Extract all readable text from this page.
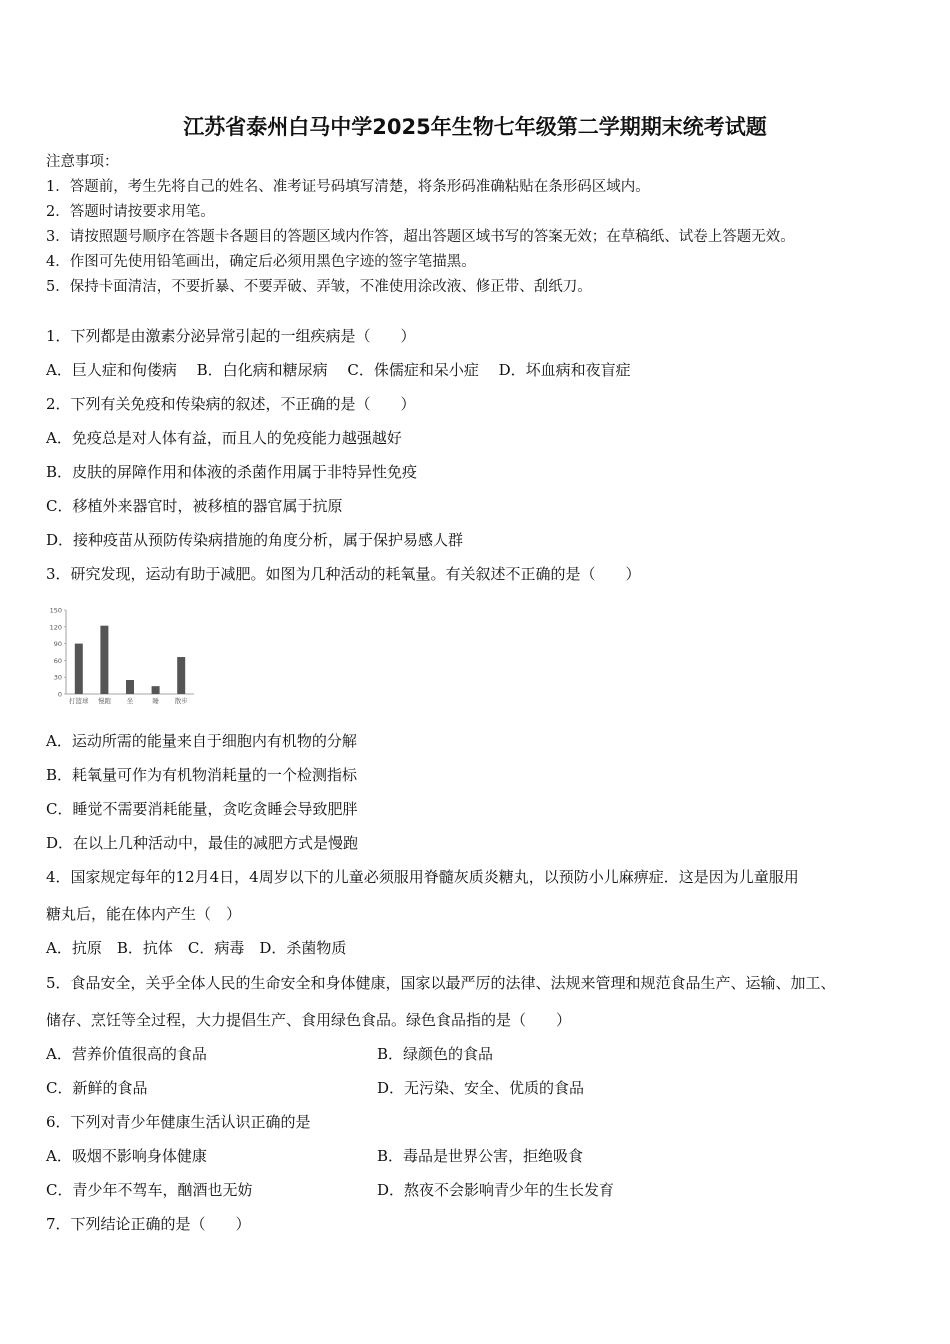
江苏省泰州白马中学2025年生物七年级第二学期期末统考试题
注意事项：
1．答题前，考生先将自己的姓名、准考证号码填写清楚，将条形码准确粘贴在条形码区域内。
2．答题时请按要求用笔。
3．请按照题号顺序在答题卡各题目的答题区域内作答，超出答题区域书写的答案无效；在草稿纸、试卷上答题无效。
4．作图可先使用铅笔画出，确定后必须用黑色字迹的签字笔描黑。
5．保持卡面清洁，不要折暴、不要弄破、弄皱，不准使用涂改液、修正带、刮纸刀。
1．下列都是由激素分泌异常引起的一组疾病是（　　）
A．巨人症和佝偻病　 B．白化病和糖尿病　 C．侏儒症和呆小症　 D．坏血病和夜盲症
2．下列有关免疫和传染病的叙述，不正确的是（　　）
A．免疫总是对人体有益，而且人的免疫能力越强越好
B．皮肤的屏障作用和体液的杀菌作用属于非特异性免疫
C．移植外来器官时，被移植的器官属于抗原
D．接种疫苗从预防传染病措施的角度分析，属于保护易感人群
3．研究发现，运动有助于减肥。如图为几种活动的耗氧量。有关叙述不正确的是（　　）
0
30
60
90
120
150
打篮球 慢跑 坐	睡 散步
A．运动所需的能量来自于细胞内有机物的分解
B．耗氧量可作为有机物消耗量的一个检测指标
C．睡觉不需要消耗能量，贪吃贪睡会导致肥胖
D．在以上几种活动中，最佳的减肥方式是慢跑
4．国家规定每年的12月4日，4周岁以下的儿童必须服用脊髓灰质炎糖丸，以预防小儿麻痹症．这是因为儿童服用
糖丸后，能在体内产生（　）
A．抗原　B．抗体　C．病毒　D．杀菌物质
5．食品安全，关乎全体人民的生命安全和身体健康，国家以最严厉的法律、法规来管理和规范食品生产、运输、加工、
储存、烹饪等全过程，大力提倡生产、食用绿色食品。绿色食品指的是（　　）
A．营养价值很高的食品	B．绿颜色的食品
C．新鲜的食品	D．无污染、安全、优质的食品
6．下列对青少年健康生活认识正确的是
A．吸烟不影响身体健康	B．毒品是世界公害，拒绝吸食
C．青少年不驾车，酗酒也无妨	D．熬夜不会影响青少年的生长发育
7．下列结论正确的是（　　）
